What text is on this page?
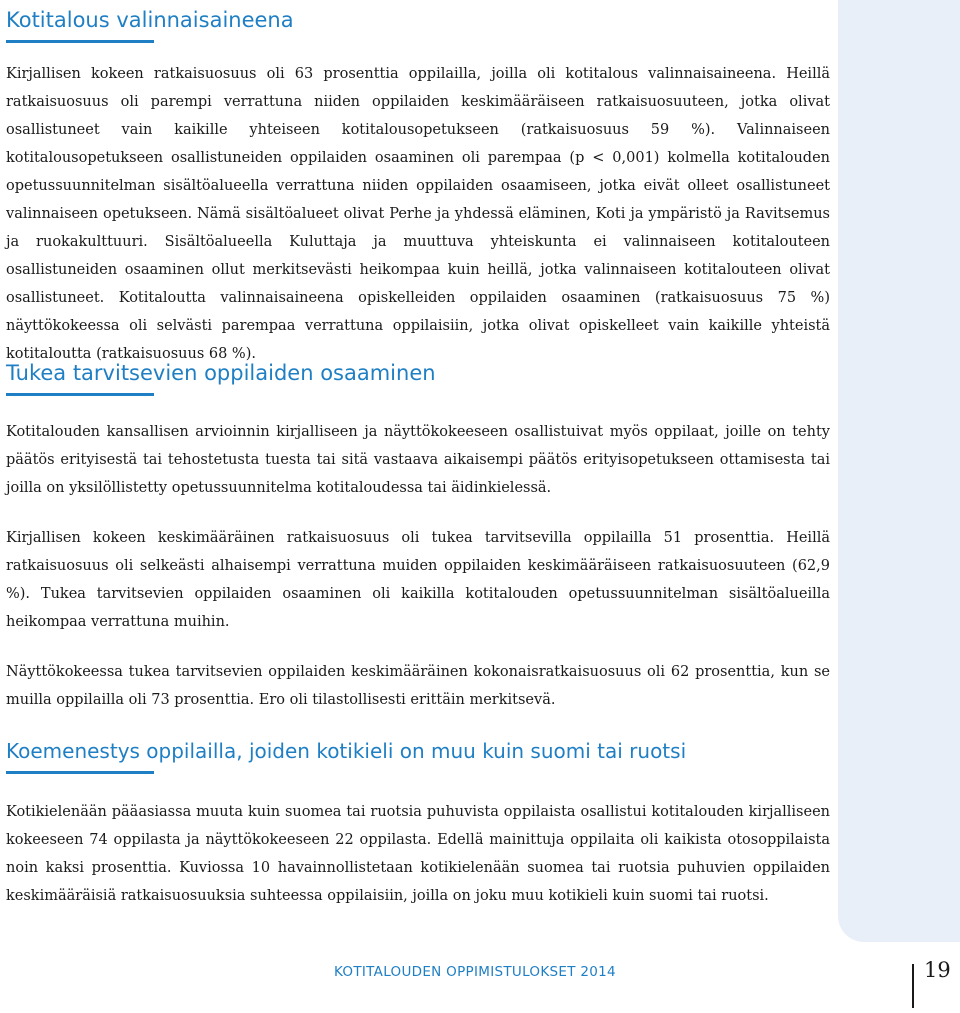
Kotitalous valinnaisaineena

Kirjallisen kokeen ratkaisuosuus oli 63 prosenttia oppilailla, joilla oli kotitalous valinnaisaineena. Heillä ratkaisuosuus oli parempi verrattuna niiden oppilaiden keskimääräiseen ratkaisuosuuteen, jotka olivat osallistuneet vain kaikille yhteiseen kotitalousopetukseen (ratkaisuosuus 59 %). Valinnaiseen kotitalousopetukseen osallistuneiden oppilaiden osaaminen oli parempaa (p < 0,001) kolmella kotitalouden opetussuunnitelman sisältöalueella verrattuna niiden oppilaiden osaamiseen, jotka eivät olleet osallistuneet valinnaiseen opetukseen. Nämä sisältöalueet olivat Perhe ja yhdessä eläminen, Koti ja ympäristö ja Ravitsemus ja ruokakulttuuri. Sisältöalueella Kuluttaja ja muuttuva yhteiskunta ei valinnaiseen kotitalouteen osallistuneiden osaaminen ollut merkitsevästi heikompaa kuin heillä, jotka valinnaiseen kotitalouteen olivat osallistuneet. Kotitaloutta valinnaisaineena opiskelleiden oppilaiden osaaminen (ratkaisuosuus 75 %) näyttökokeessa oli selvästi parempaa verrattuna oppilaisiin, jotka olivat opiskelleet vain kaikille yhteistä kotitaloutta (ratkaisuosuus 68 %).

Tukea tarvitsevien oppilaiden osaaminen

Kotitalouden kansallisen arvioinnin kirjalliseen ja näyttökokeeseen osallistuivat myös oppilaat, joille on tehty päätös erityisestä tai tehostetusta tuesta tai sitä vastaava aikaisempi päätös erityisopetukseen ottamisesta tai joilla on yksilöllistetty opetussuunnitelma kotitaloudessa tai äidinkielessä.

Kirjallisen kokeen keskimääräinen ratkaisuosuus oli tukea tarvitsevilla oppilailla 51 prosenttia. Heillä ratkaisuosuus oli selkeästi alhaisempi verrattuna muiden oppilaiden keskimääräiseen ratkaisuosuuteen (62,9 %). Tukea tarvitsevien oppilaiden osaaminen oli kaikilla kotitalouden opetussuunnitelman sisältöalueilla heikompaa verrattuna muihin.

Näyttökokeessa tukea tarvitsevien oppilaiden keskimääräinen kokonaisratkaisuosuus oli 62 prosenttia, kun se muilla oppilailla oli 73 prosenttia. Ero oli tilastollisesti erittäin merkitsevä.

Koemenestys oppilailla, joiden kotikieli on muu kuin suomi tai ruotsi

Kotikielenään pääasiassa muuta kuin suomea tai ruotsia puhuvista oppilaista osallistui kotitalouden kirjalliseen kokeeseen 74 oppilasta ja näyttökokeeseen 22 oppilasta. Edellä mainittuja oppilaita oli kaikista otosoppilaista noin kaksi prosenttia. Kuviossa 10 havainnollistetaan kotikielenään suomea tai ruotsia puhuvien oppilaiden keskimääräisiä ratkaisuosuuksia suhteessa oppilaisiin, joilla on joku muu kotikieli kuin suomi tai ruotsi.

KOTITALOUDEN OPPIMISTULOKSET 2014	19
